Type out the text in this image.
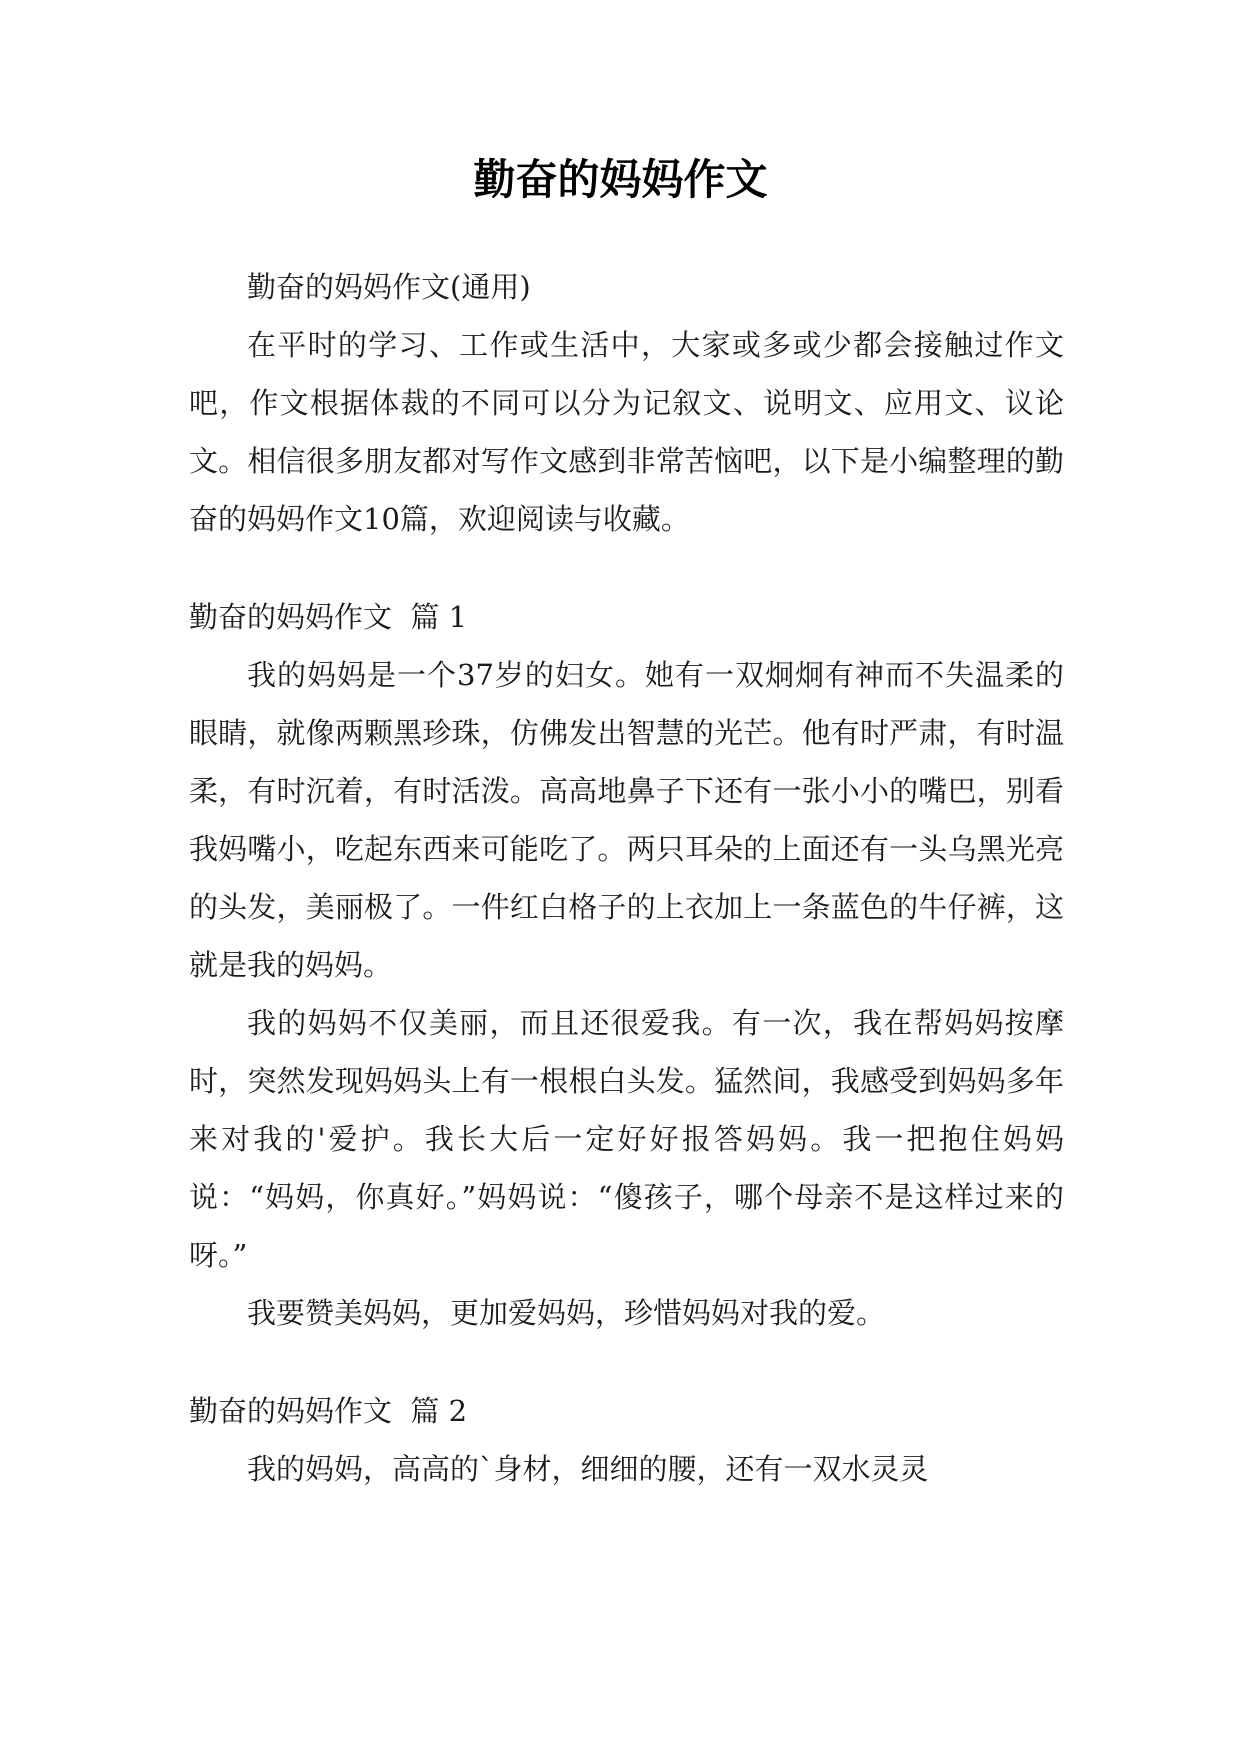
勤奋的妈妈作文

勤奋的妈妈作文(通用)

在平时的学习、工作或生活中，大家或多或少都会接触过作文吧，作文根据体裁的不同可以分为记叙文、说明文、应用文、议论文。相信很多朋友都对写作文感到非常苦恼吧，以下是小编整理的勤奋的妈妈作文10篇，欢迎阅读与收藏。

勤奋的妈妈作文  篇 1

我的妈妈是一个37岁的妇女。她有一双炯炯有神而不失温柔的眼睛，就像两颗黑珍珠，仿佛发出智慧的光芒。他有时严肃，有时温柔，有时沉着，有时活泼。高高地鼻子下还有一张小小的嘴巴，别看我妈嘴小，吃起东西来可能吃了。两只耳朵的上面还有一头乌黑光亮的头发，美丽极了。一件红白格子的上衣加上一条蓝色的牛仔裤，这就是我的妈妈。

我的妈妈不仅美丽，而且还很爱我。有一次，我在帮妈妈按摩时，突然发现妈妈头上有一根根白头发。猛然间，我感受到妈妈多年来对我的'爱护。我长大后一定好好报答妈妈。我一把抱住妈妈说：“妈妈，你真好。”妈妈说：“傻孩子，哪个母亲不是这样过来的呀。”

我要赞美妈妈，更加爱妈妈，珍惜妈妈对我的爱。

勤奋的妈妈作文  篇 2

我的妈妈，高高的`身材，细细的腰，还有一双水灵灵
